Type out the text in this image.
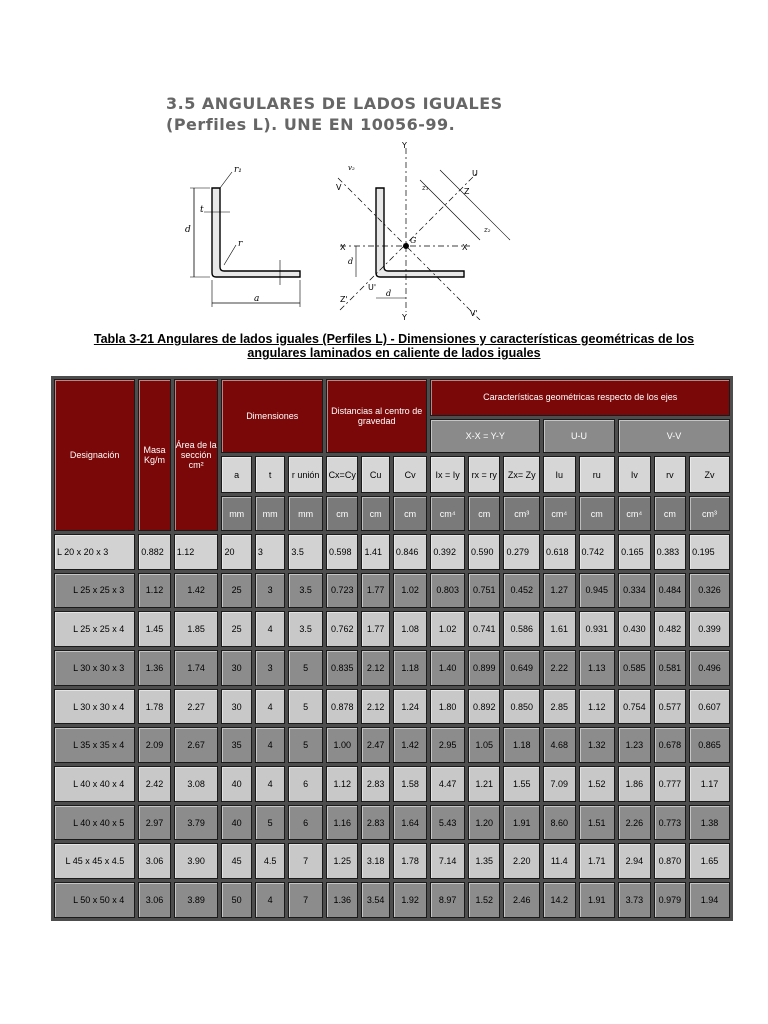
3.5 ANGULARES DE LADOS IGUALES
(Perfiles L). UNE EN 10056-99.
r₁
t
r
d
a
Y
Y
X	X
Z
Z'
G
V
V'
U
U'
d
d
v₂
z₁
z₂
Tabla 3-21 Angulares de lados iguales (Perfiles L) - Dimensiones y características geométricas de los
angulares laminados en caliente de lados iguales
Designación	Masa Kg/m	Área de la sección cm²	Dimensiones			Distancias al centro de gravedad			Características geométricas respecto de los ejes							
									X-X = Y-Y			U-U		V-V		
			a	t	r unión	Cx=Cy	Cu	Cv	Ix = Iy	rx = ry	Zx= Zy	Iu	ru	Iv	rv	Zv
			mm	mm	mm	cm	cm	cm	cm⁴	cm	cm³	cm⁴	cm	cm⁴	cm	cm³
L 20 x 20 x 3	0.882	1.12	20	3	3.5	0.598	1.41	0.846	0.392	0.590	0.279	0.618	0.742	0.165	0.383	0.195
L 25 x 25 x 3	1.12	1.42	25	3	3.5	0.723	1.77	1.02	0.803	0.751	0.452	1.27	0.945	0.334	0.484	0.326
L 25 x 25 x 4	1.45	1.85	25	4	3.5	0.762	1.77	1.08	1.02	0.741	0.586	1.61	0.931	0.430	0.482	0.399
L 30 x 30 x 3	1.36	1.74	30	3	5	0.835	2.12	1.18	1.40	0.899	0.649	2.22	1.13	0.585	0.581	0.496
L 30 x 30 x 4	1.78	2.27	30	4	5	0.878	2.12	1.24	1.80	0.892	0.850	2.85	1.12	0.754	0.577	0.607
L 35 x 35 x 4	2.09	2.67	35	4	5	1.00	2.47	1.42	2.95	1.05	1.18	4.68	1.32	1.23	0.678	0.865
L 40 x 40 x 4	2.42	3.08	40	4	6	1.12	2.83	1.58	4.47	1.21	1.55	7.09	1.52	1.86	0.777	1.17
L 40 x 40 x 5	2.97	3.79	40	5	6	1.16	2.83	1.64	5.43	1.20	1.91	8.60	1.51	2.26	0.773	1.38
L 45 x 45 x 4.5	3.06	3.90	45	4.5	7	1.25	3.18	1.78	7.14	1.35	2.20	11.4	1.71	2.94	0.870	1.65
L 50 x 50 x 4	3.06	3.89	50	4	7	1.36	3.54	1.92	8.97	1.52	2.46	14.2	1.91	3.73	0.979	1.94
